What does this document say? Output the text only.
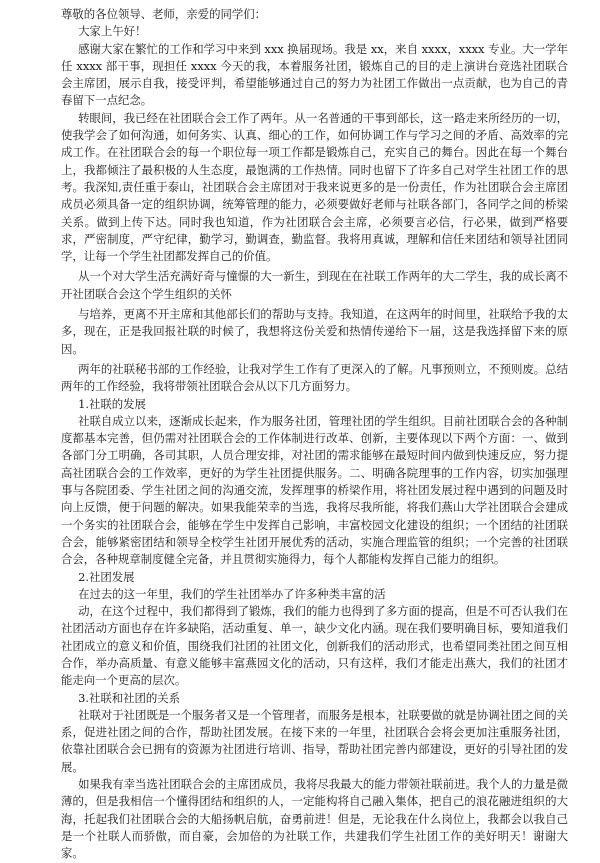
尊敬的各位领导、老师，亲爱的同学们：

大家上午好！

感谢大家在繁忙的工作和学习中来到 xxx 换届现场。我是 xx，来自 xxxx，xxxx 专业。大一学年任 xxxx 部干事，现担任 xxxx 今天的我，本着服务社团，锻炼自己的目的走上演讲台竞选社团联合会主席团，展示自我，接受评判，希望能够通过自己的努力为社团工作做出一点贡献，也为自己的青春留下一点纪念。

转眼间，我已经在社团联合会工作了两年。从一名普通的干事到部长，这一路走来所经历的一切，使我学会了如何沟通，如何务实、认真、细心的工作，如何协调工作与学习之间的矛盾、高效率的完成工作。在社团联合会的每一个职位每一项工作都是锻炼自己，充实自己的舞台。因此在每一个舞台上，我都倾注了最积极的人生态度，最饱满的工作热情。同时也留下了许多自己对学生社团工作的思考。我深知,责任重于泰山，社团联合会主席团对于我来说更多的是一份责任，作为社团联合会主席团成员必须具备一定的组织协调，统筹管理的能力，必须要做好老师与社联各部门，各同学之间的桥梁关系。做到上传下达。同时我也知道，作为社团联合会主席，必须要言必信，行必果，做到严格要求，严密制度，严守纪律，勤学习，勤调查，勤监督。我将用真诚，理解和信任来团结和领导社团同学，让每一个学生社团都发挥自己的价值。

从一个对大学生活充满好奇与憧憬的大一新生，到现在在社联工作两年的大二学生，我的成长离不开社团联合会这个学生组织的关怀

与培养，更离不开主席和其他部长们的帮助与支持。我知道，在这两年的时间里，社联给予我的太多，现在，正是我回报社联的时候了，我想将这份关爱和热情传递给下一届，这是我选择留下来的原因。

两年的社联秘书部的工作经验，让我对学生工作有了更深入的了解。凡事预则立，不预则废。总结两年的工作经验，我将带领社团联合会从以下几方面努力。

1.社联的发展

社联自成立以来，逐渐成长起来，作为服务社团，管理社团的学生组织。目前社团联合会的各种制度都基本完善，但仍需对社团联合会的工作体制进行改革、创新，主要体现以下两个方面：一、做到各部门分工明确，各司其职，人员合理安排，对社团的需求能够在最短时间内做到快速反应，努力提高社团联合会的工作效率，更好的为学生社团提供服务。二、明确各院理事的工作内容，切实加强理事与各院团委、学生社团之间的沟通交流，发挥理事的桥梁作用，将社团发展过程中遇到的问题及时向上反馈，便于问题的解决。如果我能荣幸的当选，我将尽我所能，将我们燕山大学社团联合会建成一个务实的社团联合会，能够在学生中发挥自己影响，丰富校园文化建设的组织；一个团结的社团联合会，能够紧密团结和领导全校学生社团开展优秀的活动，实施合理监管的组织；一个完善的社团联合会，各种规章制度健全完备，并且贯彻实施得力，每个人都能构发挥自己能力的组织。

2.社团发展

在过去的这一年里，我们的学生社团举办了许多种类丰富的活

动，在这个过程中，我们都得到了锻炼，我们的能力也得到了多方面的提高，但是不可否认我们在社团活动方面也存在许多缺陷，活动重复、单一，缺少文化内涵。现在我们要明确目标，要知道我们社团成立的意义和价值，围绕我们社团的社团文化，创新我们的活动形式，也希望同类社团之间互相合作，举办高质量、有意义能够丰富燕园文化的活动，只有这样，我们才能走出燕大，我们的社团才能走向一个更高的层次。

3.社联和社团的关系

社联对于社团既是一个服务者又是一个管理者，而服务是根本，社联要做的就是协调社团之间的关系，促进社团之间的合作，帮助社团发展。在接下来的一年里，社团联合会将会更加注重服务社团，依靠社团联合会已拥有的资源为社团进行培训、指导，帮助社团完善内部建设，更好的引导社团的发展。

如果我有幸当选社团联合会的主席团成员，我将尽我最大的能力带领社联前进。我个人的力量是微薄的，但是我相信一个懂得团结和组织的人，一定能构将自己融入集体，把自己的浪花融进组织的大海，托起我们社团联合会的大船扬帆启航，奋勇前进！但是，无论我在什么岗位上，我都会以我自己是一个社联人而骄傲，而自豪，会加倍的为社联工作，共建我们学生社团工作的美好明天！谢谢大家。
